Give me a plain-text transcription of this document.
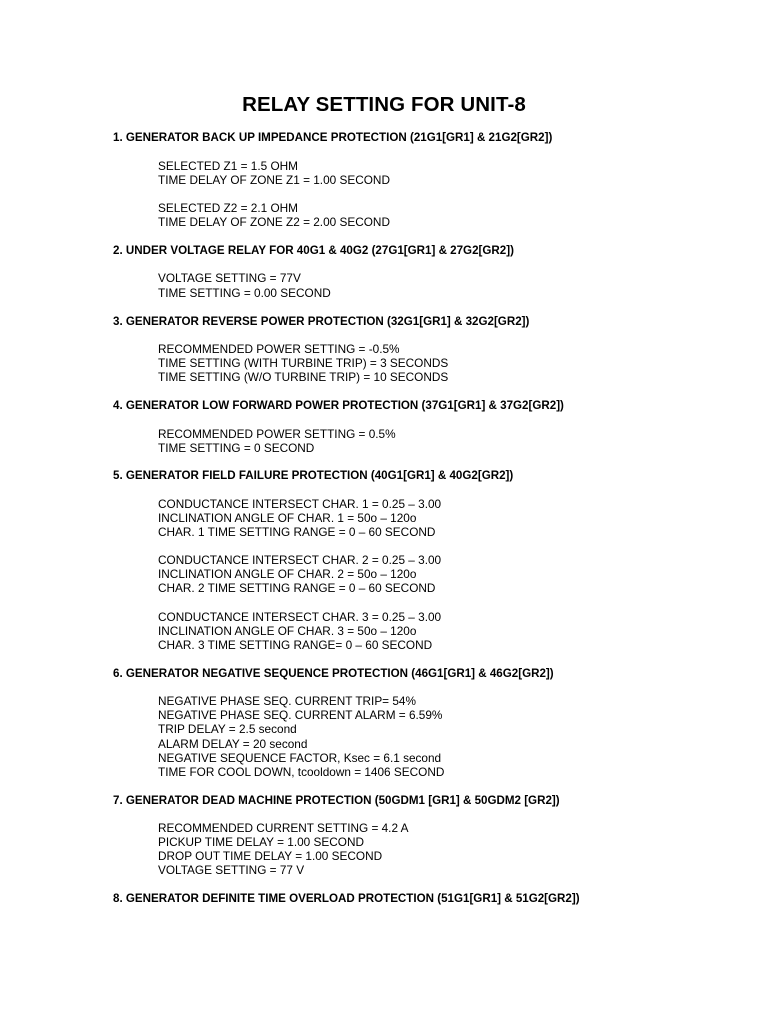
RELAY SETTING FOR UNIT-8
1. GENERATOR BACK UP IMPEDANCE PROTECTION (21G1[GR1] & 21G2[GR2])
SELECTED Z1 = 1.5 OHM
TIME DELAY OF ZONE Z1 = 1.00 SECOND
SELECTED Z2 = 2.1 OHM
TIME DELAY OF ZONE Z2 = 2.00 SECOND
2. UNDER VOLTAGE RELAY FOR 40G1 & 40G2 (27G1[GR1] & 27G2[GR2])
VOLTAGE SETTING = 77V
TIME SETTING = 0.00 SECOND
3. GENERATOR REVERSE POWER PROTECTION (32G1[GR1] & 32G2[GR2])
RECOMMENDED POWER SETTING = -0.5%
TIME SETTING (WITH TURBINE TRIP) = 3 SECONDS
TIME SETTING (W/O TURBINE TRIP) = 10 SECONDS
4. GENERATOR LOW FORWARD POWER PROTECTION (37G1[GR1] & 37G2[GR2])
RECOMMENDED POWER SETTING = 0.5%
TIME SETTING = 0 SECOND
5. GENERATOR FIELD FAILURE PROTECTION (40G1[GR1] & 40G2[GR2])
CONDUCTANCE INTERSECT CHAR. 1 = 0.25 – 3.00
INCLINATION ANGLE OF CHAR. 1 = 50o – 120o
CHAR. 1 TIME SETTING RANGE = 0 – 60 SECOND
CONDUCTANCE INTERSECT CHAR. 2 = 0.25 – 3.00
INCLINATION ANGLE OF CHAR. 2 = 50o – 120o
CHAR. 2 TIME SETTING RANGE = 0 – 60 SECOND
CONDUCTANCE INTERSECT CHAR. 3 = 0.25 – 3.00
INCLINATION ANGLE OF CHAR. 3 = 50o – 120o
CHAR. 3 TIME SETTING RANGE= 0 – 60 SECOND
6. GENERATOR NEGATIVE SEQUENCE PROTECTION (46G1[GR1] & 46G2[GR2])
NEGATIVE PHASE SEQ. CURRENT TRIP= 54%
NEGATIVE PHASE SEQ. CURRENT ALARM = 6.59%
TRIP DELAY = 2.5 second
ALARM DELAY = 20 second
NEGATIVE SEQUENCE FACTOR, Ksec = 6.1 second
TIME FOR COOL DOWN, tcooldown = 1406 SECOND
7. GENERATOR DEAD MACHINE PROTECTION (50GDM1 [GR1] & 50GDM2 [GR2])
RECOMMENDED CURRENT SETTING = 4.2 A
PICKUP TIME DELAY = 1.00 SECOND
DROP OUT TIME DELAY = 1.00 SECOND
VOLTAGE SETTING = 77 V
8. GENERATOR DEFINITE TIME OVERLOAD PROTECTION (51G1[GR1] & 51G2[GR2])
